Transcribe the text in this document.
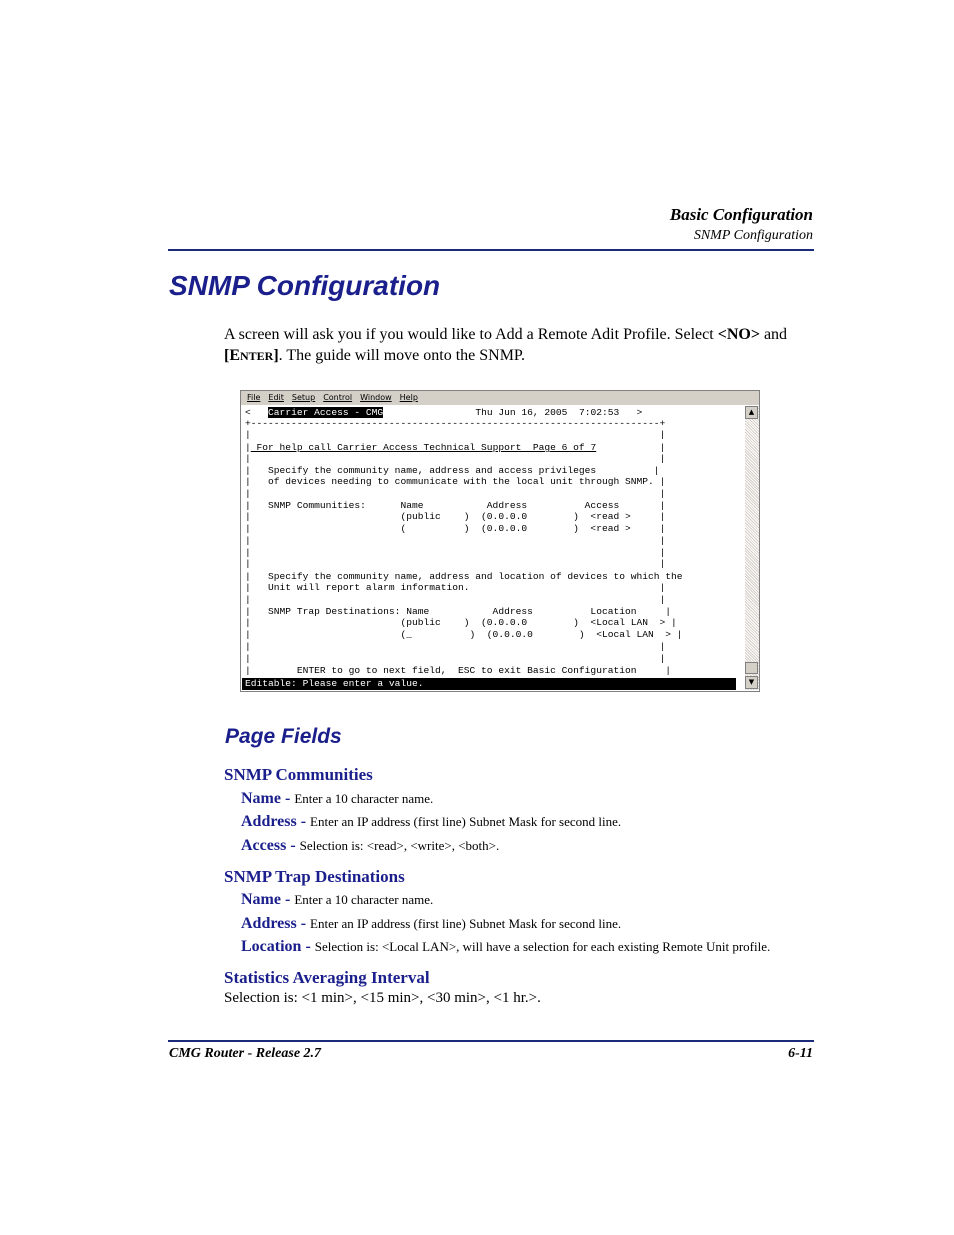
Basic Configuration
SNMP Configuration
SNMP Configuration
A screen will ask you if you would like to Add a Remote Adit Profile. Select <NO> and [ENTER]. The guide will move onto the SNMP.
File Edit Setup Control Window Help
< Carrier Access - CMG	Thu Jun 16, 2005  7:02:53 >
+-----------------------------------------------------------------------+
|                                                                       |
| For help call Carrier Access Technical Support  Page 6 of 7           |
|                                                                       |
|   Specify the community name, address and access privileges          |
|   of devices needing to communicate with the local unit through SNMP. |
|                                                                       |
|   SNMP Communities:      Name           Address          Access       |
|                          (public    )  (0.0.0.0        )  <read >     |
|                          (          )  (0.0.0.0        )  <read >     |
|                                                                       |
|                                                                       |
|                                                                       |
|   Specify the community name, address and location of devices to which the
|   Unit will report alarm information.                                 |
|                                                                       |
|   SNMP Trap Destinations: Name           Address          Location     |
|                          (public    )  (0.0.0.0        )  <Local LAN  > |
|                          (_          )  (0.0.0.0        )  <Local LAN  > |
|                                                                       |
|                                                                       |
|        ENTER to go to next field,  ESC to exit Basic Configuration     |
Editable: Please enter a value.
▲
▼
Page Fields
SNMP Communities
Name - Enter a 10 character name.
Address - Enter an IP address (first line) Subnet Mask for second line.
Access - Selection is: <read>, <write>, <both>.
SNMP Trap Destinations
Name - Enter a 10 character name.
Address - Enter an IP address (first line) Subnet Mask for second line.
Location - Selection is: <Local LAN>, will have a selection for each existing Remote Unit profile.
Statistics Averaging Interval
Selection is: <1 min>, <15 min>, <30 min>, <1 hr.>.
CMG Router - Release 2.7	6-11
